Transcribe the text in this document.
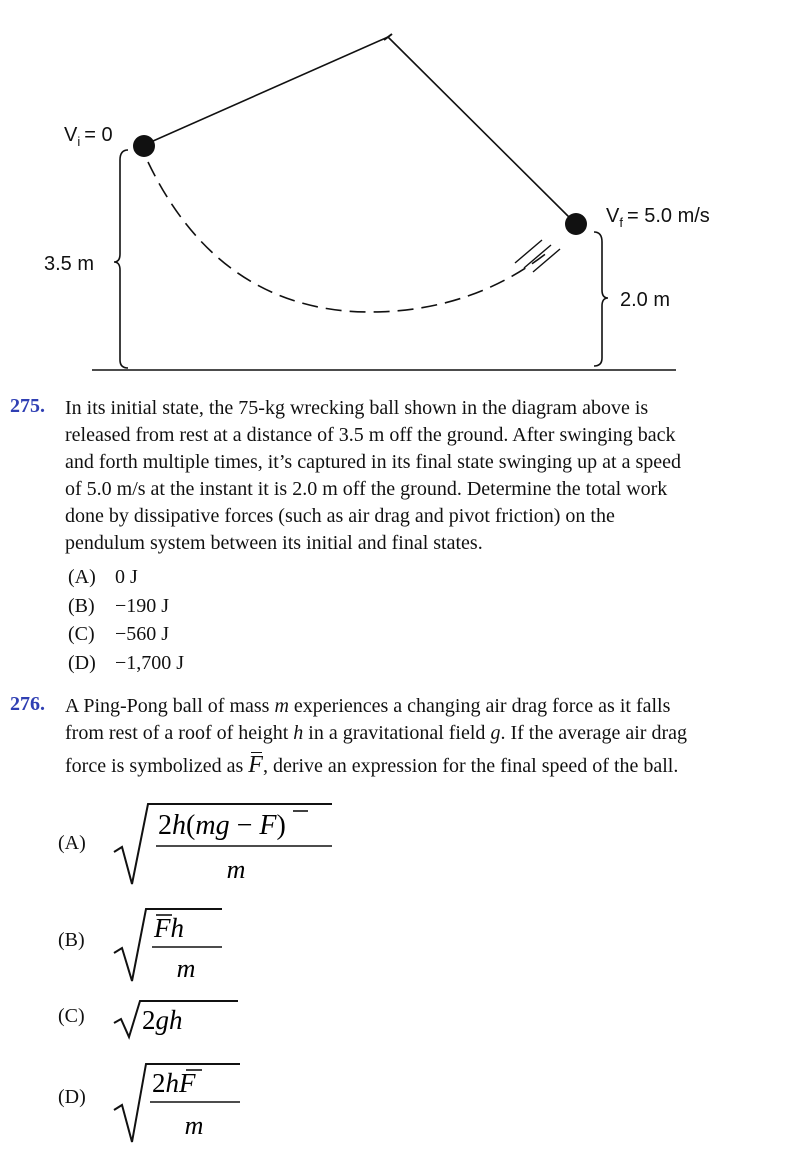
$V_i = 0$
$V_f = 5.0$ m/s
3.5 m
2.0 m
275. In its initial state, the 75-kg wrecking ball shown in the diagram above is
released from rest at a distance of 3.5 m off the ground. After swinging back
and forth multiple times, it’s captured in its final state swinging up at a speed
of 5.0 m/s at the instant it is 2.0 m off the ground. Determine the total work
done by dissipative forces (such as air drag and pivot friction) on the
pendulum system between its initial and final states.
(A) 0 J
(B) −190 J
(C) −560 J
(D) −1,700 J
276. A Ping-Pong ball of mass m experiences a changing air drag force as it falls
from rest of a roof of height h in a gravitational field g. If the average air drag
force is symbolized as F, derive an expression for the final speed of the ball.
(A)
2h(mg − F)
m
(B)	Fh
m
(C)	2gh
(D)	2hF
m
